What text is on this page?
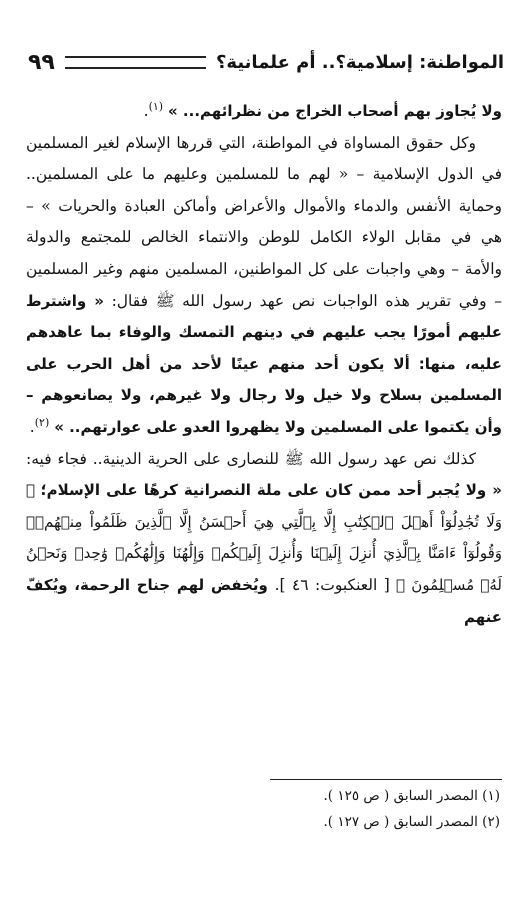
المواطنة: إسلامية؟.. أم علمانية؟
٩٩

ولا يُجاوز بهم أصحاب الخراج من نظرائهم... » $^{(١)}$.

وكل حقوق المساواة في المواطنة، التي قررها الإسلام لغير المسلمين في الدول الإسلامية – « لهم ما للمسلمين وعليهم ما على المسلمين.. وحماية الأنفس والدماء والأموال والأعراض وأماكن العبادة والحريات » – هي في مقابل الولاء الكامل للوطن والانتماء الخالص للمجتمع والدولة والأمة – وهي واجبات على كل المواطنين، المسلمين منهم وغير المسلمين – وفي تقرير هذه الواجبات نص عهد رسول الله ﷺ فقال: « واشترط عليهم أمورًا يجب عليهم في دينهم التمسك والوفاء بما عاهدهم عليه، منها: ألا يكون أحد منهم عينًا لأحد من أهل الحرب على المسلمين بسلاح ولا خيل ولا رجال ولا غيرهم، ولا يصانعوهم – وأن يكتموا على المسلمين ولا يظهروا العدو على عوارتهم.. » $^{(٢)}$.

كذلك نص عهد رسول الله ﷺ للنصارى على الحرية الدينية.. فجاء فيه: « ولا يُجبر أحد ممن كان على ملة النصرانية كرهًا على الإسلام؛ ﴿ وَلَا تُجَٰدِلُوٓاْ أَهۡلَ ٱلۡكِتَٰبِ إِلَّا بِٱلَّتِي هِيَ أَحۡسَنُ إِلَّا ٱلَّذِينَ ظَلَمُواْ مِنۡهُمۡۖ وَقُولُوٓاْ ءَامَنَّا بِٱلَّذِيٓ أُنزِلَ إِلَيۡنَا وَأُنزِلَ إِلَيۡكُمۡ وَإِلَٰهُنَا وَإِلَٰهُكُمۡ وَٰحِدٞ وَنَحۡنُ لَهُۥ مُسۡلِمُونَ ﴾ [ العنكبوت: ٤٦ ]. ويُخفض لهم جناح الرحمة، ويُكفّ عنهم

(١) المصدر السابق ( ص ١٢٥ ).
(٢) المصدر السابق ( ص ١٢٧ ).
